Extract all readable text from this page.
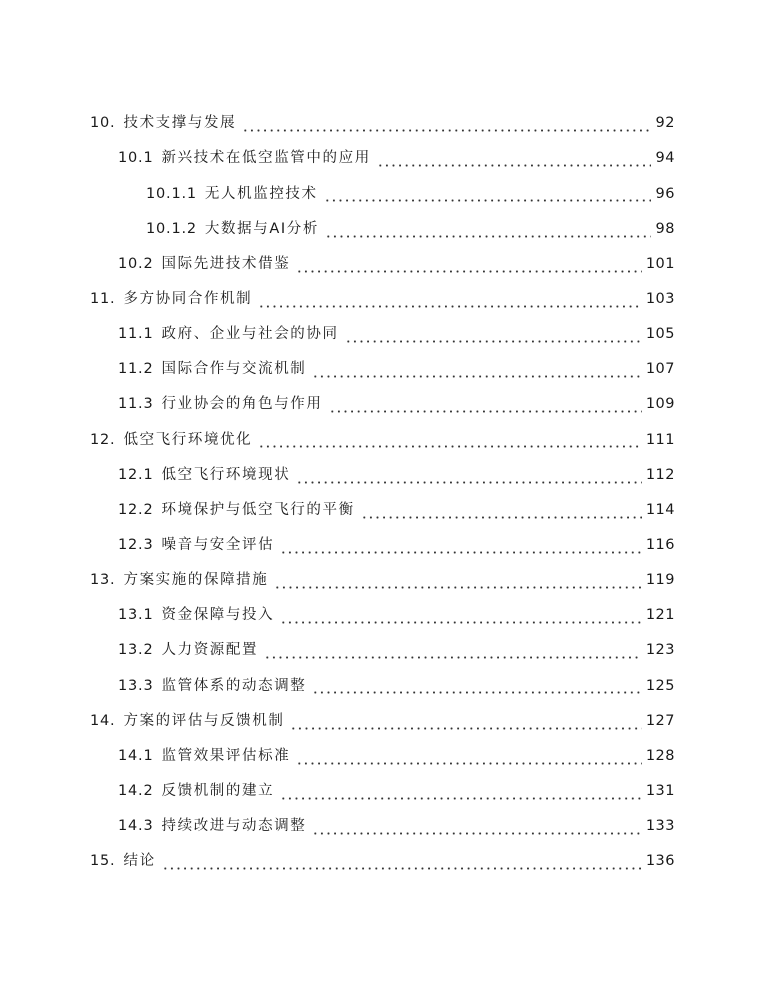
10. 技术支撑与发展	92
10.1 新兴技术在低空监管中的应用	94
10.1.1 无人机监控技术	96
10.1.2 大数据与AI分析	98
10.2 国际先进技术借鉴	101
11. 多方协同合作机制	103
11.1 政府、企业与社会的协同	105
11.2 国际合作与交流机制	107
11.3 行业协会的角色与作用	109
12. 低空飞行环境优化	111
12.1 低空飞行环境现状	112
12.2 环境保护与低空飞行的平衡	114
12.3 噪音与安全评估	116
13. 方案实施的保障措施	119
13.1 资金保障与投入	121
13.2 人力资源配置	123
13.3 监管体系的动态调整	125
14. 方案的评估与反馈机制	127
14.1 监管效果评估标准	128
14.2 反馈机制的建立	131
14.3 持续改进与动态调整	133
15. 结论	136
